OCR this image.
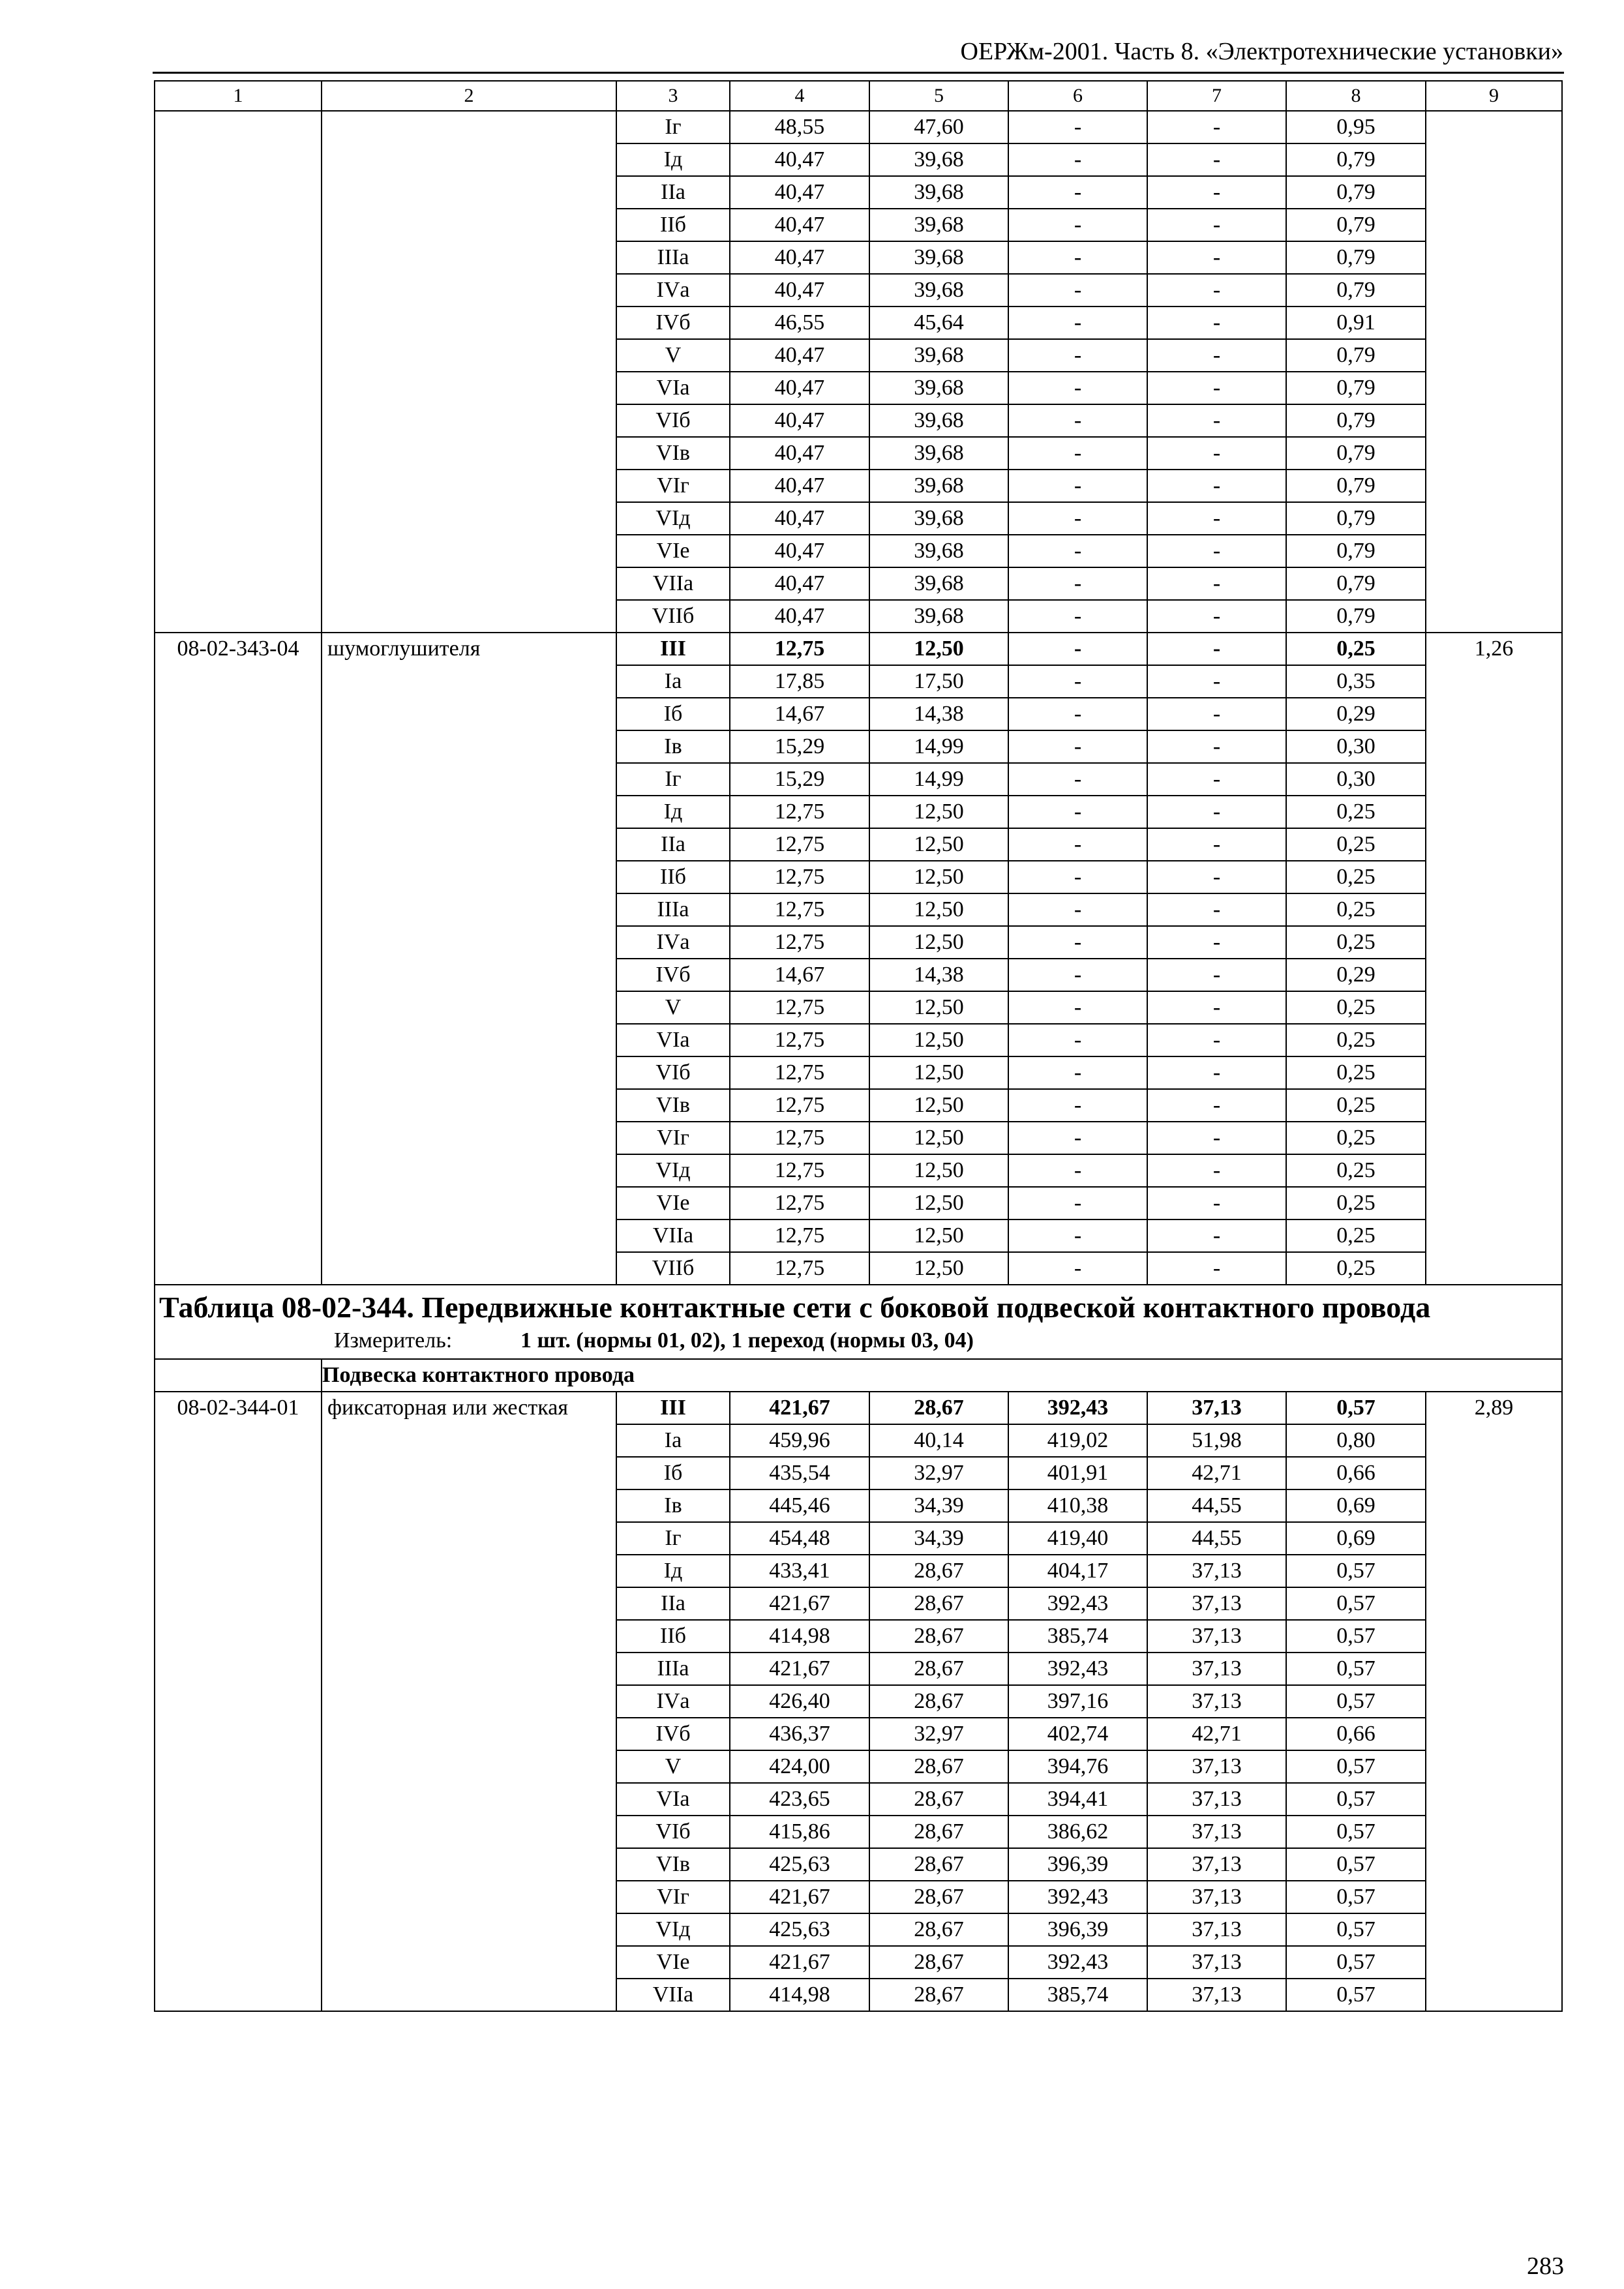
ОЕРЖм-2001. Часть 8. «Электротехнические установки»
1	2	3	4	5	6	7	8	9
		Iг	48,55	47,60	-	-	0,95	
		Iд	40,47	39,68	-	-	0,79	
		IIа	40,47	39,68	-	-	0,79	
		IIб	40,47	39,68	-	-	0,79	
		IIIа	40,47	39,68	-	-	0,79	
		IVа	40,47	39,68	-	-	0,79	
		IVб	46,55	45,64	-	-	0,91	
		V	40,47	39,68	-	-	0,79	
		VIа	40,47	39,68	-	-	0,79	
		VIб	40,47	39,68	-	-	0,79	
		VIв	40,47	39,68	-	-	0,79	
		VIг	40,47	39,68	-	-	0,79	
		VIд	40,47	39,68	-	-	0,79	
		VIе	40,47	39,68	-	-	0,79	
		VIIа	40,47	39,68	-	-	0,79	
		VIIб	40,47	39,68	-	-	0,79	
08-02-343-04	шумоглушителя	III	12,75	12,50	-	-	0,25	1,26
		Iа	17,85	17,50	-	-	0,35	
		Iб	14,67	14,38	-	-	0,29	
		Iв	15,29	14,99	-	-	0,30	
		Iг	15,29	14,99	-	-	0,30	
		Iд	12,75	12,50	-	-	0,25	
		IIа	12,75	12,50	-	-	0,25	
		IIб	12,75	12,50	-	-	0,25	
		IIIа	12,75	12,50	-	-	0,25	
		IVа	12,75	12,50	-	-	0,25	
		IVб	14,67	14,38	-	-	0,29	
		V	12,75	12,50	-	-	0,25	
		VIа	12,75	12,50	-	-	0,25	
		VIб	12,75	12,50	-	-	0,25	
		VIв	12,75	12,50	-	-	0,25	
		VIг	12,75	12,50	-	-	0,25	
		VIд	12,75	12,50	-	-	0,25	
		VIе	12,75	12,50	-	-	0,25	
		VIIа	12,75	12,50	-	-	0,25	
		VIIб	12,75	12,50	-	-	0,25	

Таблица 08-02-344. Передвижные контактные сети с боковой подвеской контактного провода
Измеритель: 1 шт. (нормы 01, 02), 1 переход (нормы 03, 04)								

	Подвеска контактного провода							
08-02-344-01	фиксаторная или жесткая	III	421,67	28,67	392,43	37,13	0,57	2,89
		Iа	459,96	40,14	419,02	51,98	0,80	
		Iб	435,54	32,97	401,91	42,71	0,66	
		Iв	445,46	34,39	410,38	44,55	0,69	
		Iг	454,48	34,39	419,40	44,55	0,69	
		Iд	433,41	28,67	404,17	37,13	0,57	
		IIа	421,67	28,67	392,43	37,13	0,57	
		IIб	414,98	28,67	385,74	37,13	0,57	
		IIIа	421,67	28,67	392,43	37,13	0,57	
		IVа	426,40	28,67	397,16	37,13	0,57	
		IVб	436,37	32,97	402,74	42,71	0,66	
		V	424,00	28,67	394,76	37,13	0,57	
		VIа	423,65	28,67	394,41	37,13	0,57	
		VIб	415,86	28,67	386,62	37,13	0,57	
		VIв	425,63	28,67	396,39	37,13	0,57	
		VIг	421,67	28,67	392,43	37,13	0,57	
		VIд	425,63	28,67	396,39	37,13	0,57	
		VIе	421,67	28,67	392,43	37,13	0,57	
		VIIа	414,98	28,67	385,74	37,13	0,57	
283
